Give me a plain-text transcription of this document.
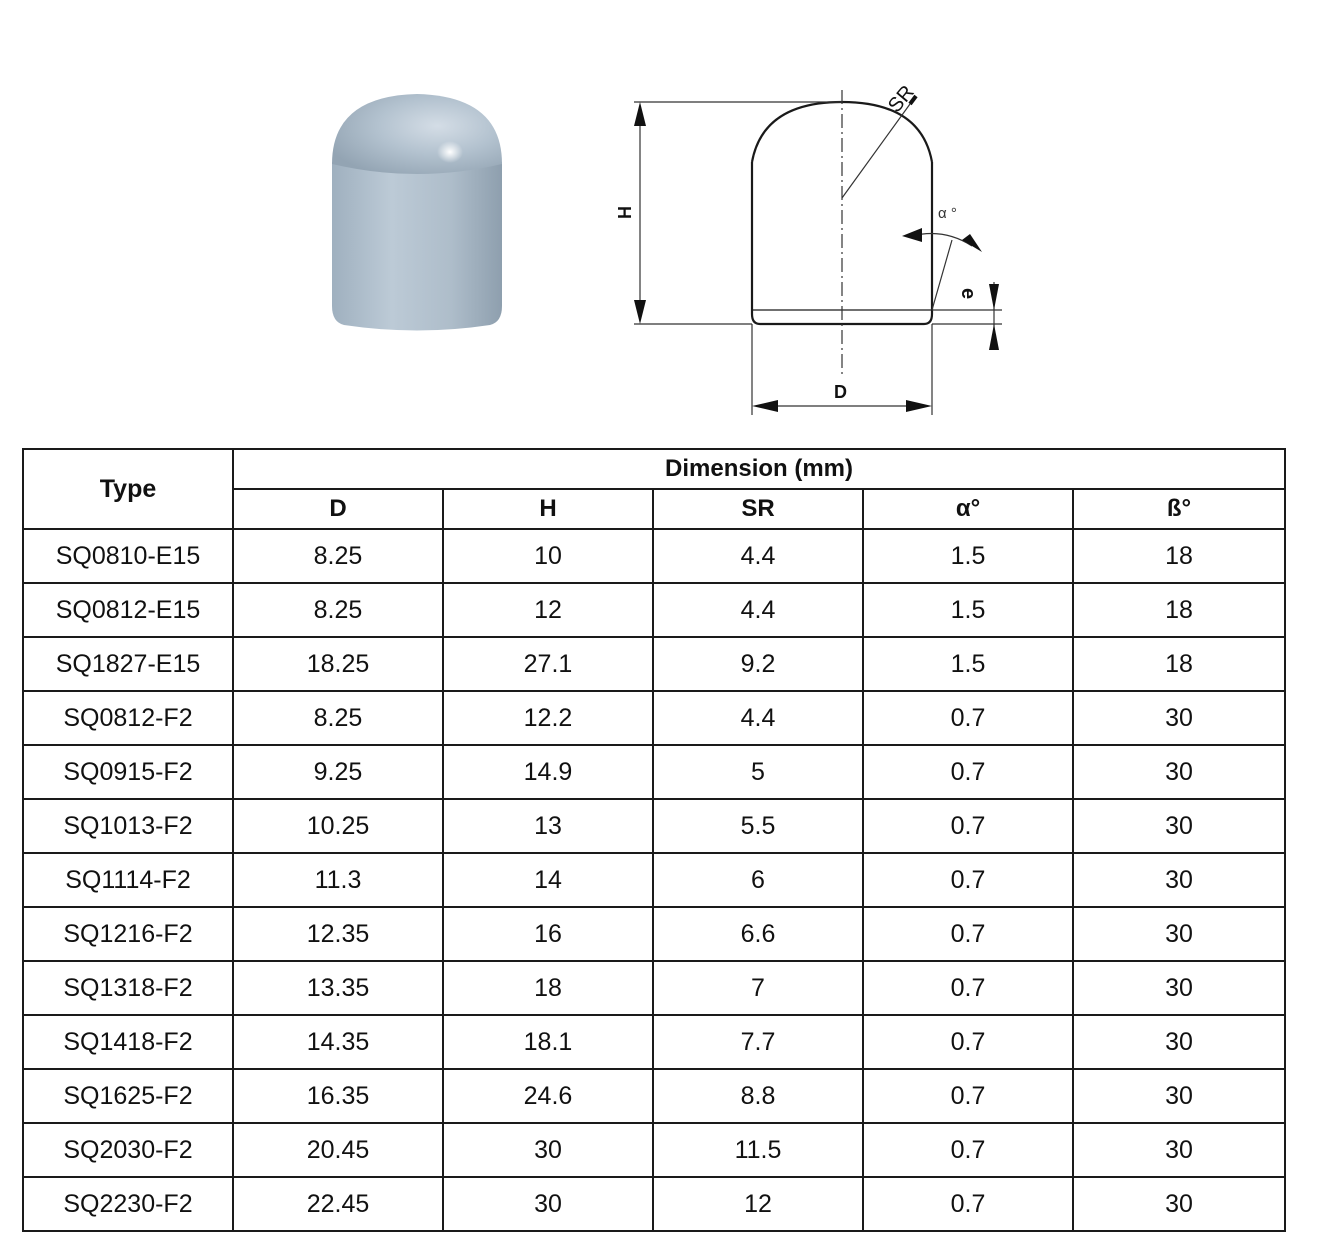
SR
H
D
α °
e
Type	Dimension (mm)				
	D	H	SR	α°	ß°
SQ0810-E15	8.25	10	4.4	1.5	18
SQ0812-E15	8.25	12	4.4	1.5	18
SQ1827-E15	18.25	27.1	9.2	1.5	18
SQ0812-F2	8.25	12.2	4.4	0.7	30
SQ0915-F2	9.25	14.9	5	0.7	30
SQ1013-F2	10.25	13	5.5	0.7	30
SQ1114-F2	11.3	14	6	0.7	30
SQ1216-F2	12.35	16	6.6	0.7	30
SQ1318-F2	13.35	18	7	0.7	30
SQ1418-F2	14.35	18.1	7.7	0.7	30
SQ1625-F2	16.35	24.6	8.8	0.7	30
SQ2030-F2	20.45	30	11.5	0.7	30
SQ2230-F2	22.45	30	12	0.7	30
